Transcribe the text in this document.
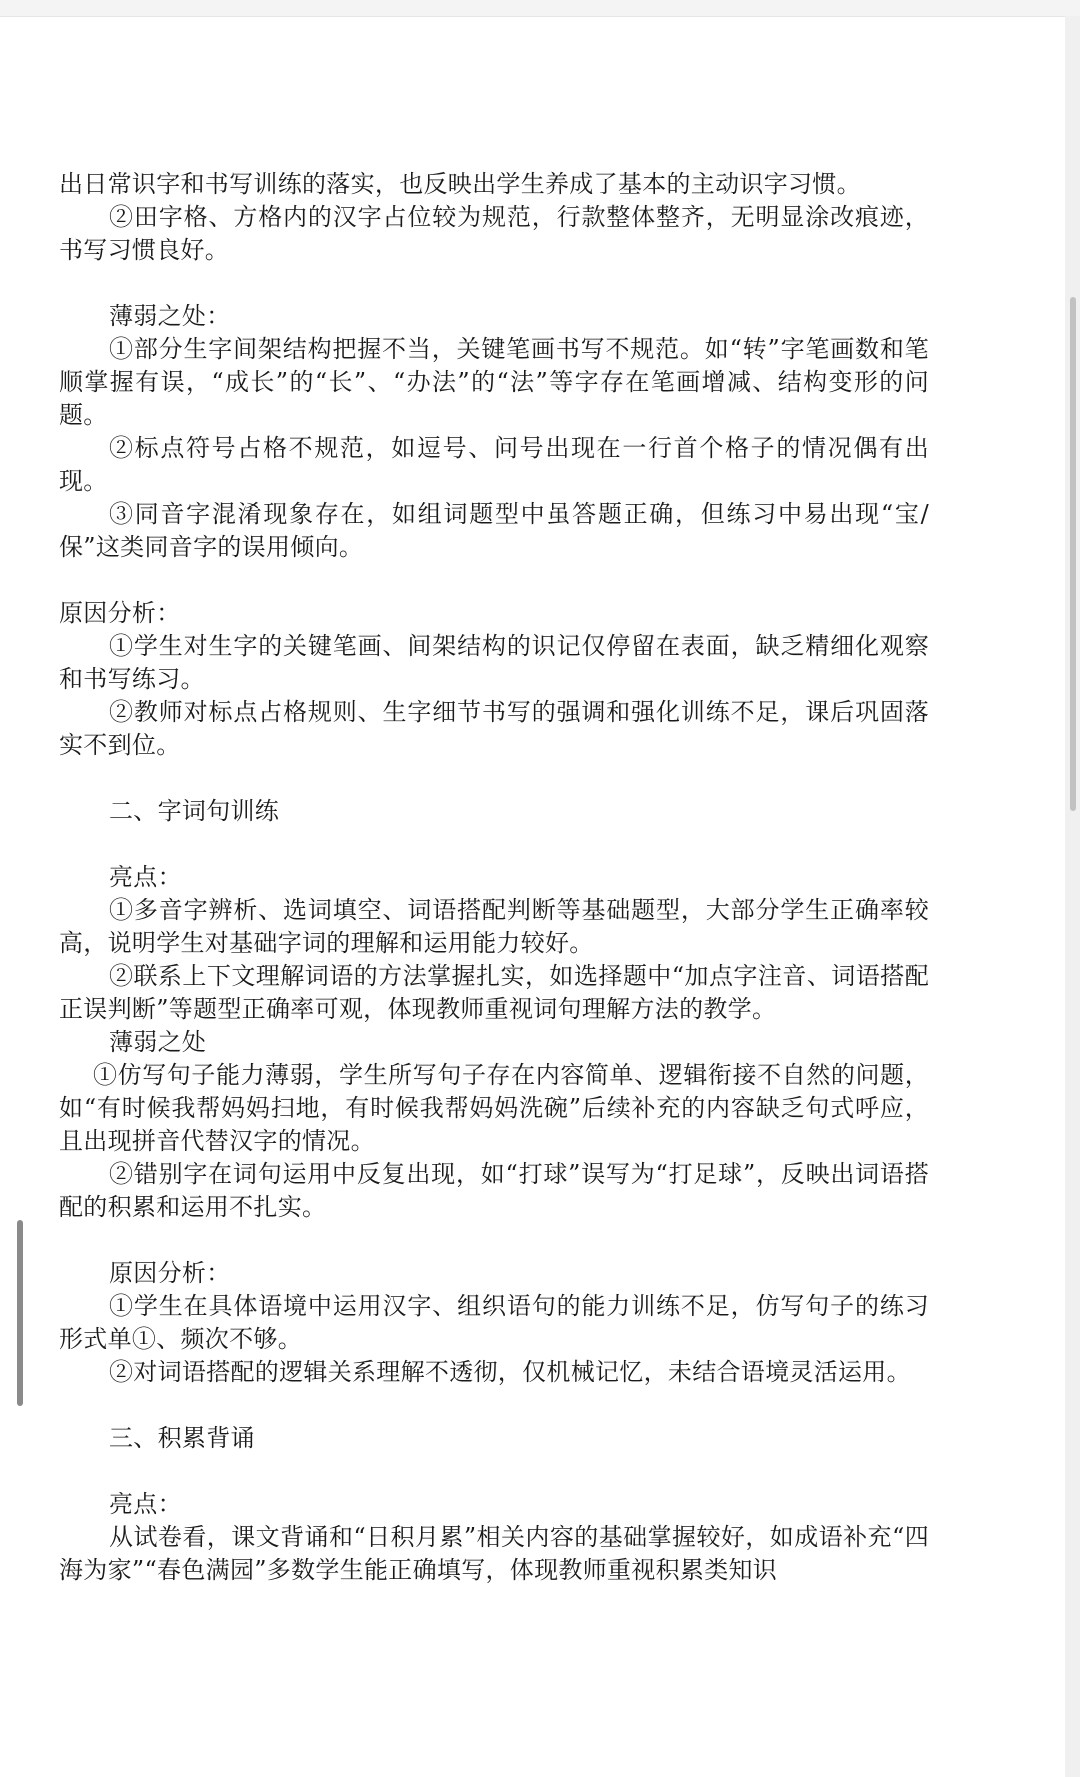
出日常识字和书写训练的落实，也反映出学生养成了基本的主动识字习惯。

②田字格、方格内的汉字占位较为规范，行款整体整齐，无明显涂改痕迹，书写习惯良好。

薄弱之处：

①部分生字间架结构把握不当，关键笔画书写不规范。如“转”字笔画数和笔顺掌握有误，“成长”的“长”、“办法”的“法”等字存在笔画增减、结构变形的问题。

②标点符号占格不规范，如逗号、问号出现在一行首个格子的情况偶有出现。

③同音字混淆现象存在，如组词题型中虽答题正确，但练习中易出现“宝/保”这类同音字的误用倾向。

原因分析：

①学生对生字的关键笔画、间架结构的识记仅停留在表面，缺乏精细化观察和书写练习。

②教师对标点占格规则、生字细节书写的强调和强化训练不足，课后巩固落实不到位。

二、字词句训练

亮点：

①多音字辨析、选词填空、词语搭配判断等基础题型，大部分学生正确率较高，说明学生对基础字词的理解和运用能力较好。

②联系上下文理解词语的方法掌握扎实，如选择题中“加点字注音、词语搭配正误判断”等题型正确率可观，体现教师重视词句理解方法的教学。

薄弱之处

①仿写句子能力薄弱，学生所写句子存在内容简单、逻辑衔接不自然的问题，如“有时候我帮妈妈扫地，有时候我帮妈妈洗碗”后续补充的内容缺乏句式呼应，且出现拼音代替汉字的情况。

②错别字在词句运用中反复出现，如“打球”误写为“打足球”，反映出词语搭配的积累和运用不扎实。

原因分析：

①学生在具体语境中运用汉字、组织语句的能力训练不足，仿写句子的练习形式单①、频次不够。

②对词语搭配的逻辑关系理解不透彻，仅机械记忆，未结合语境灵活运用。

三、积累背诵

亮点：

从试卷看，课文背诵和“日积月累”相关内容的基础掌握较好，如成语补充“四海为家”“春色满园”多数学生能正确填写，体现教师重视积累类知识
